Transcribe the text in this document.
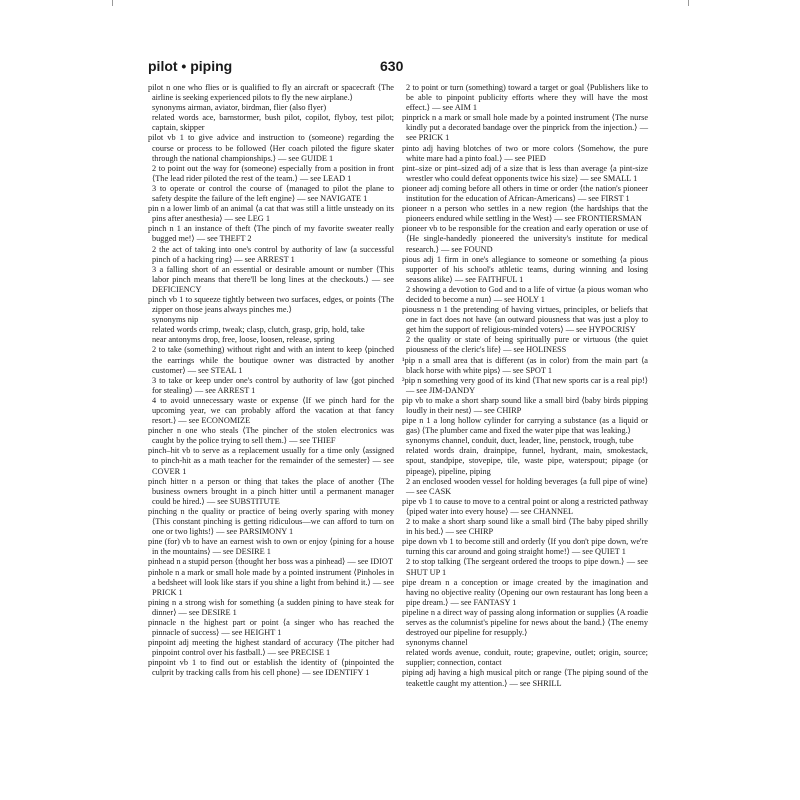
pilot • piping	630
pilot n one who flies or is qualified to fly an aircraft or spacecraft ⟨The airline is seeking experienced pilots to fly the new airplane.⟩
synonyms airman, aviator, birdman, flier (also flyer)
related words ace, barnstormer, bush pilot, copilot, flyboy, test pilot; captain, skipper
pilot vb 1 to give advice and instruction to (someone) regarding the course or process to be followed ⟨Her coach piloted the figure skater through the national championships.⟩ — see GUIDE 1
2 to point out the way for (someone) especially from a position in front ⟨The lead rider piloted the rest of the team.⟩ — see LEAD 1
3 to operate or control the course of ⟨managed to pilot the plane to safety despite the failure of the left engine⟩ — see NAVIGATE 1
pin n a lower limb of an animal ⟨a cat that was still a little unsteady on its pins after anesthesia⟩ — see LEG 1
pinch n 1 an instance of theft ⟨The pinch of my favorite sweater really bugged me!⟩ — see THEFT 2
2 the act of taking into one's control by authority of law ⟨a successful pinch of a hacking ring⟩ — see ARREST 1
3 a falling short of an essential or desirable amount or number ⟨This labor pinch means that there'll be long lines at the checkouts.⟩ — see DEFICIENCY
pinch vb 1 to squeeze tightly between two surfaces, edges, or points ⟨The zipper on those jeans always pinches me.⟩
synonyms nip
related words crimp, tweak; clasp, clutch, grasp, grip, hold, take
near antonyms drop, free, loose, loosen, release, spring
2 to take (something) without right and with an intent to keep ⟨pinched the earrings while the boutique owner was distracted by another customer⟩ — see STEAL 1
3 to take or keep under one's control by authority of law ⟨got pinched for stealing⟩ — see ARREST 1
4 to avoid unnecessary waste or expense ⟨If we pinch hard for the upcoming year, we can probably afford the vacation at that fancy resort.⟩ — see ECONOMIZE
pincher n one who steals ⟨The pincher of the stolen electronics was caught by the police trying to sell them.⟩ — see THIEF
pinch–hit vb to serve as a replacement usually for a time only ⟨assigned to pinch-hit as a math teacher for the remainder of the semester⟩ — see COVER 1
pinch hitter n a person or thing that takes the place of another ⟨The business owners brought in a pinch hitter until a permanent manager could be hired.⟩ — see SUBSTITUTE
pinching n the quality or practice of being overly sparing with money ⟨This constant pinching is getting ridiculous—we can afford to turn on one or two lights!⟩ — see PARSIMONY 1
pine (for) vb to have an earnest wish to own or enjoy ⟨pining for a house in the mountains⟩ — see DESIRE 1
pinhead n a stupid person ⟨thought her boss was a pinhead⟩ — see IDIOT
pinhole n a mark or small hole made by a pointed instrument ⟨Pinholes in a bedsheet will look like stars if you shine a light from behind it.⟩ — see PRICK 1
pining n a strong wish for something ⟨a sudden pining to have steak for dinner⟩ — see DESIRE 1
pinnacle n the highest part or point ⟨a singer who has reached the pinnacle of success⟩ — see HEIGHT 1
pinpoint adj meeting the highest standard of accuracy ⟨The pitcher had pinpoint control over his fastball.⟩ — see PRECISE 1
pinpoint vb 1 to find out or establish the identity of ⟨pinpointed the culprit by tracking calls from his cell phone⟩ — see IDENTIFY 1
2 to point or turn (something) toward a target or goal ⟨Publishers like to be able to pinpoint publicity efforts where they will have the most effect.⟩ — see AIM 1
pinprick n a mark or small hole made by a pointed instrument ⟨The nurse kindly put a decorated bandage over the pinprick from the injection.⟩ — see PRICK 1
pinto adj having blotches of two or more colors ⟨Somehow, the pure white mare had a pinto foal.⟩ — see PIED
pint–size or pint–sized adj of a size that is less than average ⟨a pint-size wrestler who could defeat opponents twice his size⟩ — see SMALL 1
pioneer adj coming before all others in time or order ⟨the nation's pioneer institution for the education of African-Americans⟩ — see FIRST 1
pioneer n a person who settles in a new region ⟨the hardships that the pioneers endured while settling in the West⟩ — see FRONTIERSMAN
pioneer vb to be responsible for the creation and early operation or use of ⟨He single-handedly pioneered the university's institute for medical research.⟩ — see FOUND
pious adj 1 firm in one's allegiance to someone or something ⟨a pious supporter of his school's athletic teams, during winning and losing seasons alike⟩ — see FAITHFUL 1
2 showing a devotion to God and to a life of virtue ⟨a pious woman who decided to become a nun⟩ — see HOLY 1
piousness n 1 the pretending of having virtues, principles, or beliefs that one in fact does not have ⟨an outward piousness that was just a ploy to get him the support of religious-minded voters⟩ — see HYPOCRISY
2 the quality or state of being spiritually pure or virtuous ⟨the quiet piousness of the cleric's life⟩ — see HOLINESS
¹pip n a small area that is different (as in color) from the main part ⟨a black horse with white pips⟩ — see SPOT 1
²pip n something very good of its kind ⟨That new sports car is a real pip!⟩ — see JIM-DANDY
pip vb to make a short sharp sound like a small bird ⟨baby birds pipping loudly in their nest⟩ — see CHIRP
pipe n 1 a long hollow cylinder for carrying a substance (as a liquid or gas) ⟨The plumber came and fixed the water pipe that was leaking.⟩
synonyms channel, conduit, duct, leader, line, penstock, trough, tube
related words drain, drainpipe, funnel, hydrant, main, smokestack, spout, standpipe, stovepipe, tile, waste pipe, waterspout; pipage (or pipeage), pipeline, piping
2 an enclosed wooden vessel for holding beverages ⟨a full pipe of wine⟩ — see CASK
pipe vb 1 to cause to move to a central point or along a restricted pathway ⟨piped water into every house⟩ — see CHANNEL
2 to make a short sharp sound like a small bird ⟨The baby piped shrilly in his bed.⟩ — see CHIRP
pipe down vb 1 to become still and orderly ⟨If you don't pipe down, we're turning this car around and going straight home!⟩ — see QUIET 1
2 to stop talking ⟨The sergeant ordered the troops to pipe down.⟩ — see SHUT UP 1
pipe dream n a conception or image created by the imagination and having no objective reality ⟨Opening our own restaurant has long been a pipe dream.⟩ — see FANTASY 1
pipeline n a direct way of passing along information or supplies ⟨A roadie serves as the columnist's pipeline for news about the band.⟩ ⟨The enemy destroyed our pipeline for resupply.⟩
synonyms channel
related words avenue, conduit, route; grapevine, outlet; origin, source; supplier; connection, contact
piping adj having a high musical pitch or range ⟨The piping sound of the teakettle caught my attention.⟩ — see SHRILL
